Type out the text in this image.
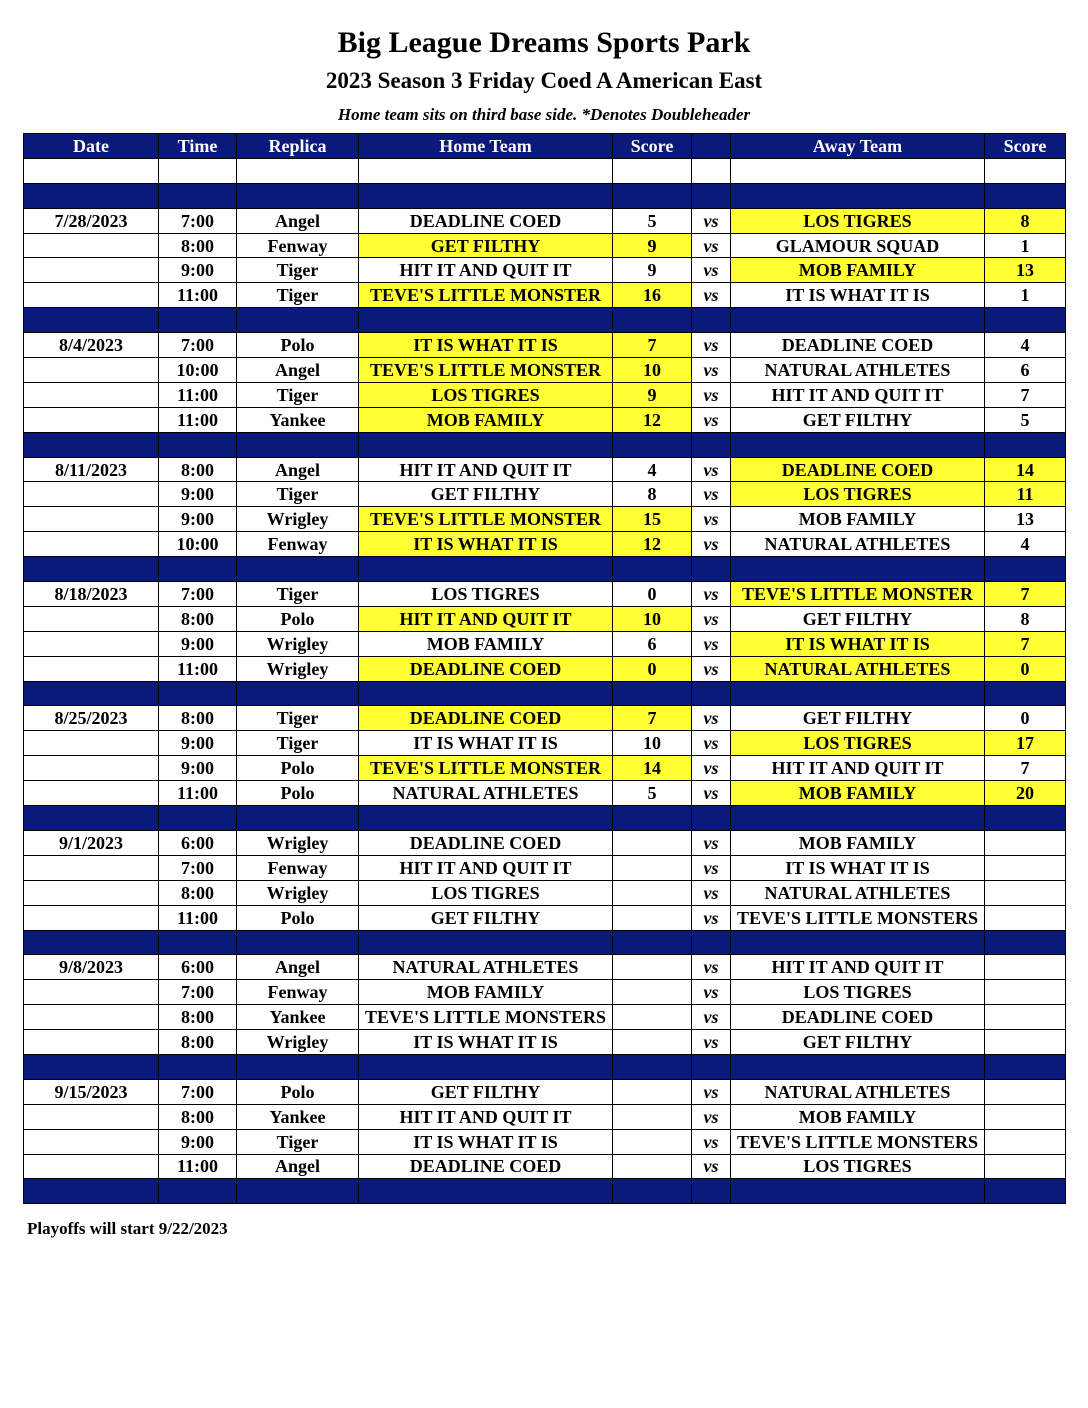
Big League Dreams Sports Park
2023 Season 3 Friday Coed A American East
Home team sits on third base side. *Denotes Doubleheader
Date	Time	Replica	Home Team	Score		Away Team	Score

7/28/2023	7:00	Angel	DEADLINE COED	5	vs	LOS TIGRES	8
	8:00	Fenway	GET FILTHY	9	vs	GLAMOUR SQUAD	1
	9:00	Tiger	HIT IT AND QUIT IT	9	vs	MOB FAMILY	13
	11:00	Tiger	TEVE'S LITTLE MONSTER	16	vs	IT IS WHAT IT IS	1

8/4/2023	7:00	Polo	IT IS WHAT IT IS	7	vs	DEADLINE COED	4
	10:00	Angel	TEVE'S LITTLE MONSTER	10	vs	NATURAL ATHLETES	6
	11:00	Tiger	LOS TIGRES	9	vs	HIT IT AND QUIT IT	7
	11:00	Yankee	MOB FAMILY	12	vs	GET FILTHY	5

8/11/2023	8:00	Angel	HIT IT AND QUIT IT	4	vs	DEADLINE COED	14
	9:00	Tiger	GET FILTHY	8	vs	LOS TIGRES	11
	9:00	Wrigley	TEVE'S LITTLE MONSTER	15	vs	MOB FAMILY	13
	10:00	Fenway	IT IS WHAT IT IS	12	vs	NATURAL ATHLETES	4

8/18/2023	7:00	Tiger	LOS TIGRES	0	vs	TEVE'S LITTLE MONSTER	7
	8:00	Polo	HIT IT AND QUIT IT	10	vs	GET FILTHY	8
	9:00	Wrigley	MOB FAMILY	6	vs	IT IS WHAT IT IS	7
	11:00	Wrigley	DEADLINE COED	0	vs	NATURAL ATHLETES	0

8/25/2023	8:00	Tiger	DEADLINE COED	7	vs	GET FILTHY	0
	9:00	Tiger	IT IS WHAT IT IS	10	vs	LOS TIGRES	17
	9:00	Polo	TEVE'S LITTLE MONSTER	14	vs	HIT IT AND QUIT IT	7
	11:00	Polo	NATURAL ATHLETES	5	vs	MOB FAMILY	20

9/1/2023	6:00	Wrigley	DEADLINE COED		vs	MOB FAMILY	
	7:00	Fenway	HIT IT AND QUIT IT		vs	IT IS WHAT IT IS	
	8:00	Wrigley	LOS TIGRES		vs	NATURAL ATHLETES	
	11:00	Polo	GET FILTHY		vs	TEVE'S LITTLE MONSTERS	

9/8/2023	6:00	Angel	NATURAL ATHLETES		vs	HIT IT AND QUIT IT	
	7:00	Fenway	MOB FAMILY		vs	LOS TIGRES	
	8:00	Yankee	TEVE'S LITTLE MONSTERS		vs	DEADLINE COED	
	8:00	Wrigley	IT IS WHAT IT IS		vs	GET FILTHY	

9/15/2023	7:00	Polo	GET FILTHY		vs	NATURAL ATHLETES	
	8:00	Yankee	HIT IT AND QUIT IT		vs	MOB FAMILY	
	9:00	Tiger	IT IS WHAT IT IS		vs	TEVE'S LITTLE MONSTERS	
	11:00	Angel	DEADLINE COED		vs	LOS TIGRES	

Playoffs will start 9/22/2023
